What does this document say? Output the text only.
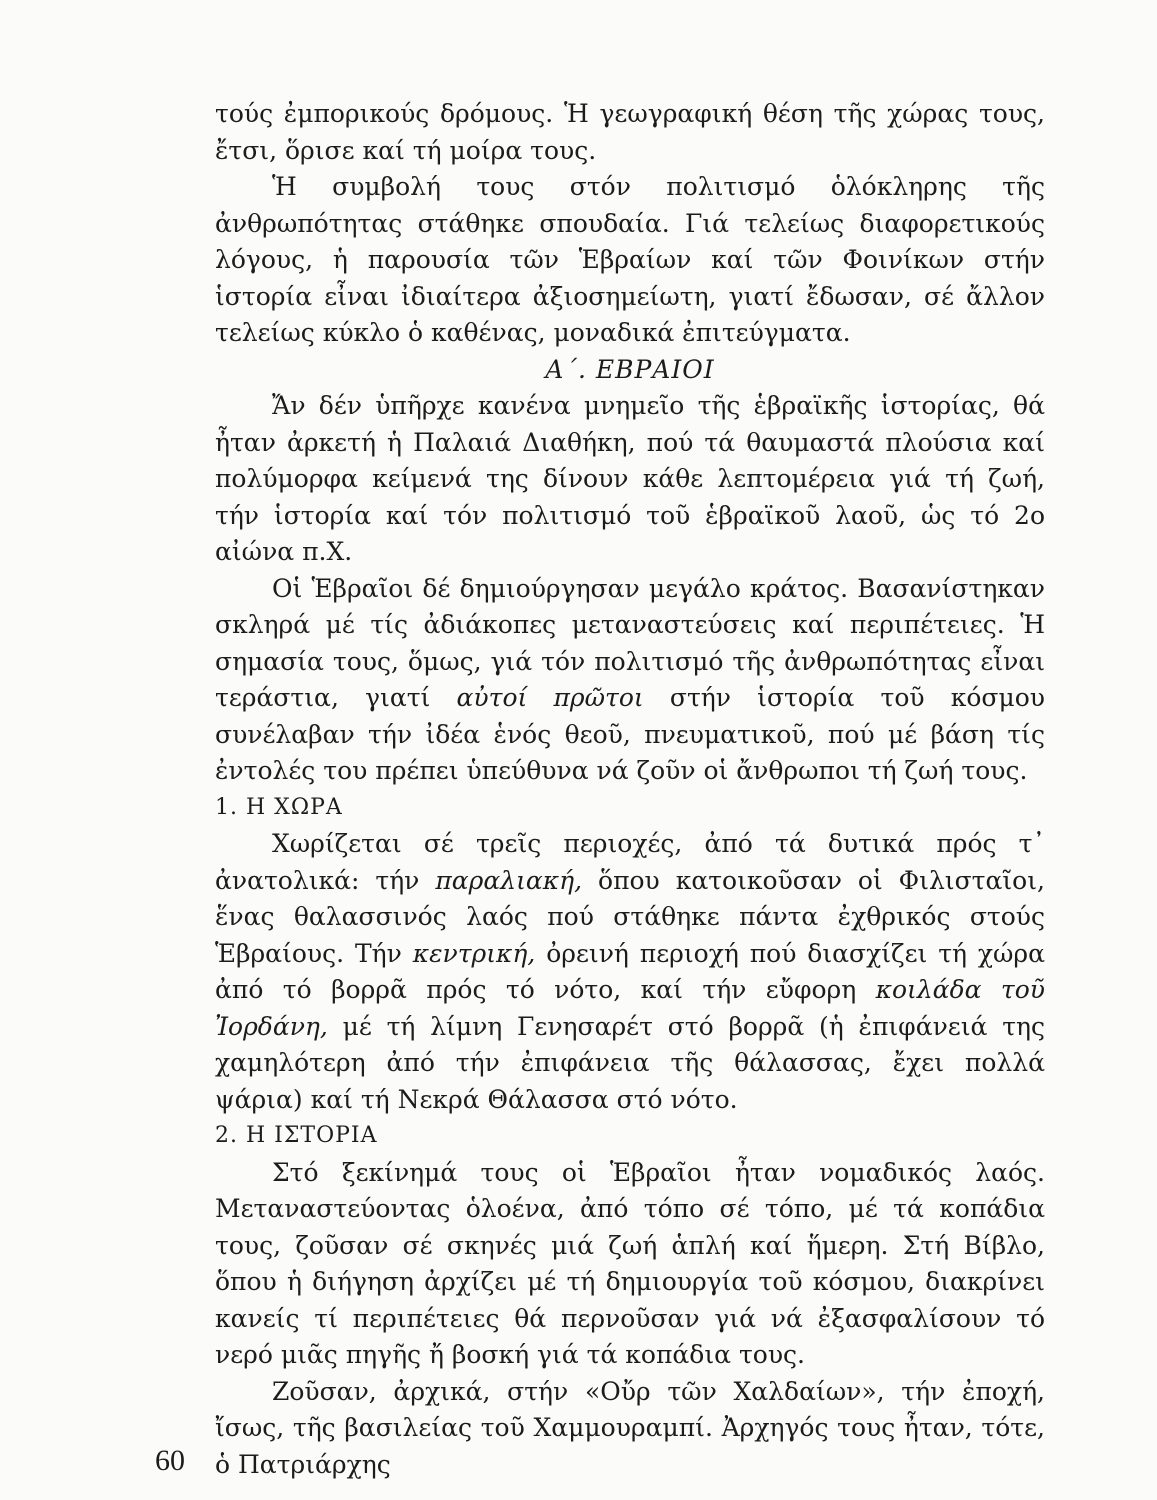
τούς ἐμπορικούς δρόμους. Ἡ γεωγραφική θέση τῆς χώρας τους, ἔτσι, ὅρισε καί τή μοίρα τους.

Ἡ συμβολή τους στόν πολιτισμό ὁλόκληρης τῆς ἀνθρωπότητας στάθηκε σπουδαία. Γιά τελείως διαφορετικούς λόγους, ἡ παρουσία τῶν Ἑβραίων καί τῶν Φοινίκων στήν ἱστορία εἶναι ἰδιαίτερα ἀξιοσημείωτη, γιατί ἔδωσαν, σέ ἄλλον τελείως κύκλο ὁ καθένας, μοναδικά ἐπιτεύγματα.

Α΄. ΕΒΡΑΙΟΙ

Ἄν δέν ὑπῆρχε κανένα μνημεῖο τῆς ἑβραϊκῆς ἱστορίας, θά ἦταν ἀρκετή ἡ Παλαιά Διαθήκη, πού τά θαυμαστά πλούσια καί πολύμορφα κείμενά της δίνουν κάθε λεπτομέρεια γιά τή ζωή, τήν ἱστορία καί τόν πολιτισμό τοῦ ἑβραϊκοῦ λαοῦ, ὡς τό 2ο αἰώνα π.Χ.

Οἱ Ἑβραῖοι δέ δημιούργησαν μεγάλο κράτος. Βασανίστηκαν σκληρά μέ τίς ἀδιάκοπες μεταναστεύσεις καί περιπέτειες. Ἡ σημασία τους, ὅμως, γιά τόν πολιτισμό τῆς ἀνθρωπότητας εἶναι τεράστια, γιατί αὐτοί πρῶτοι στήν ἱστορία τοῦ κόσμου συνέλαβαν τήν ἰδέα ἑνός θεοῦ, πνευματικοῦ, πού μέ βάση τίς ἐντολές του πρέπει ὑπεύθυνα νά ζοῦν οἱ ἄνθρωποι τή ζωή τους.

1. Η ΧΩΡΑ

Χωρίζεται σέ τρεῖς περιοχές, ἀπό τά δυτικά πρός τ᾽ ἀνατολικά: τήν παραλιακή, ὅπου κατοικοῦσαν οἱ Φιλισταῖοι, ἕνας θαλασσινός λαός πού στάθηκε πάντα ἐχθρικός στούς Ἑβραίους. Τήν κεντρική, ὀρεινή περιοχή πού διασχίζει τή χώρα ἀπό τό βορρᾶ πρός τό νότο, καί τήν εὔφορη κοιλάδα τοῦ Ἰορδάνη, μέ τή λίμνη Γενησαρέτ στό βορρᾶ (ἡ ἐπιφάνειά της χαμηλότερη ἀπό τήν ἐπιφάνεια τῆς θάλασσας, ἔχει πολλά ψάρια) καί τή Νεκρά Θάλασσα στό νότο.

2. Η ΙΣΤΟΡΙΑ

Στό ξεκίνημά τους οἱ Ἑβραῖοι ἦταν νομαδικός λαός. Μεταναστεύοντας ὁλοένα, ἀπό τόπο σέ τόπο, μέ τά κοπάδια τους, ζοῦσαν σέ σκηνές μιά ζωή ἁπλή καί ἥμερη. Στή Βίβλο, ὅπου ἡ διήγηση ἀρχίζει μέ τή δημιουργία τοῦ κόσμου, διακρίνει κανείς τί περιπέτειες θά περνοῦσαν γιά νά ἐξασφαλίσουν τό νερό μιᾶς πηγῆς ἤ βοσκή γιά τά κοπάδια τους.

Ζοῦσαν, ἀρχικά, στήν «Οὔρ τῶν Χαλδαίων», τήν ἐποχή, ἴσως, τῆς βασιλείας τοῦ Χαμμουραμπί. Ἀρχηγός τους ἦταν, τότε, ὁ Πατριάρχης

60
